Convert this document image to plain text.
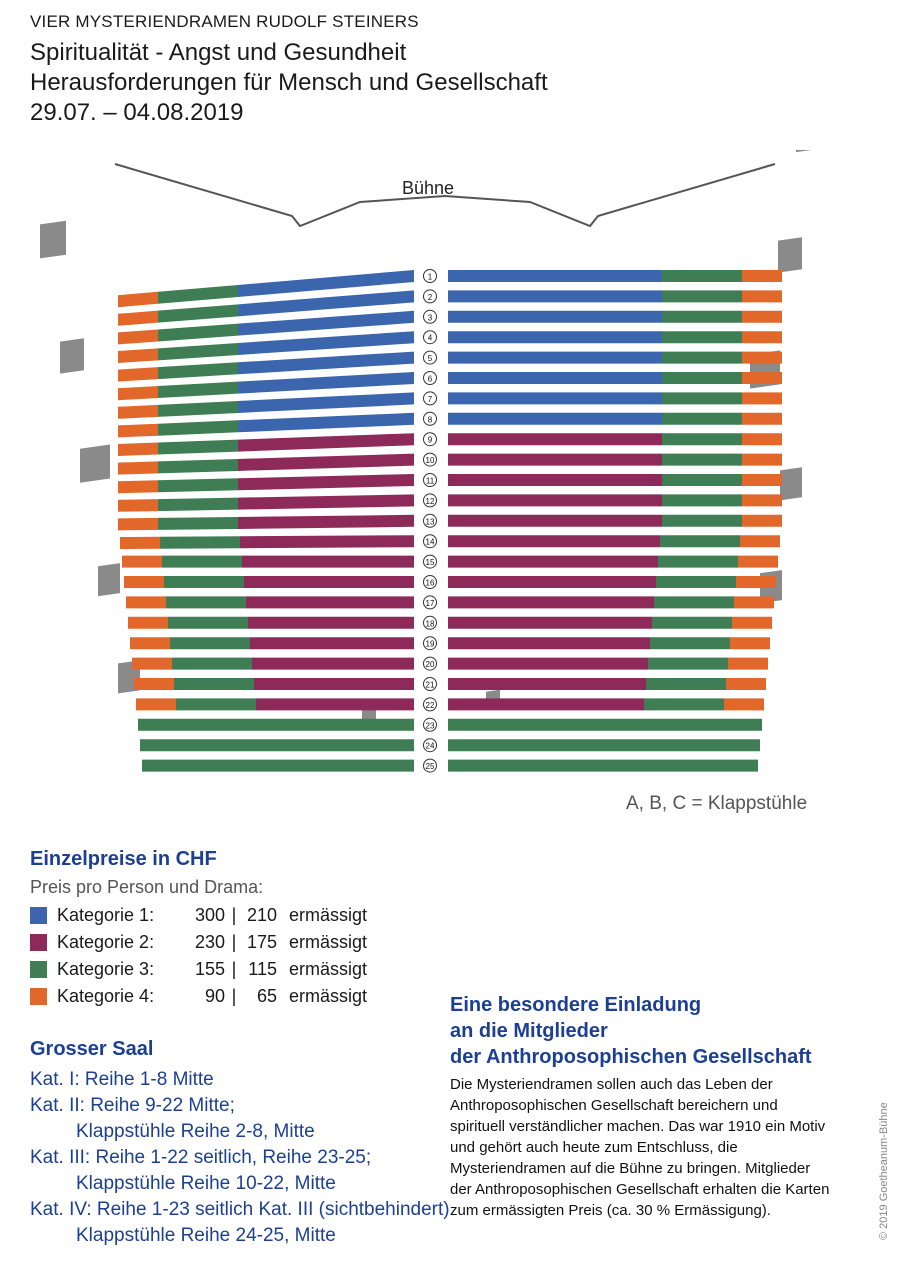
VIER MYSTERIENDRAMEN RUDOLF STEINERS
Spiritualität - Angst und Gesundheit
Herausforderungen für Mensch und Gesellschaft
29.07. – 04.08.2019
Bühne
1
2
3
4
5
6
7
8
9
10
11
12
13
14
15
16
17
18
19
20
21
22
23
24
25
A, B, C = Klappstühle
Einzelpreise in CHF
Preis pro Person und Drama:
Kategorie 1:	300 | 210 ermässigt
Kategorie 2:	230 | 175 ermässigt
Kategorie 3:	155 | 115 ermässigt
Kategorie 4:	90 |	65 ermässigt
Grosser Saal
Kat. I: Reihe 1-8 Mitte
Kat. II: Reihe 9-22 Mitte;
Klappstühle Reihe 2-8, Mitte
Kat. III: Reihe 1-22 seitlich, Reihe 23-25;
Klappstühle Reihe 10-22, Mitte
Kat. IV: Reihe 1-23 seitlich Kat. III (sichtbehindert)
Klappstühle Reihe 24-25, Mitte
Eine besondere Einladung
an die Mitglieder
der Anthroposophischen Gesellschaft
Die Mysteriendramen sollen auch das Leben der Anthroposophischen Gesellschaft bereichern und spirituell verständlicher machen. Das war 1910 ein Motiv und gehört auch heute zum Entschluss, die Mysteriendramen auf die Bühne zu bringen. Mitglieder der Anthroposophischen Gesellschaft erhalten die Karten zum ermässigten Preis (ca. 30 % Ermässigung).	© 2019 Goetheanum-Bühne
